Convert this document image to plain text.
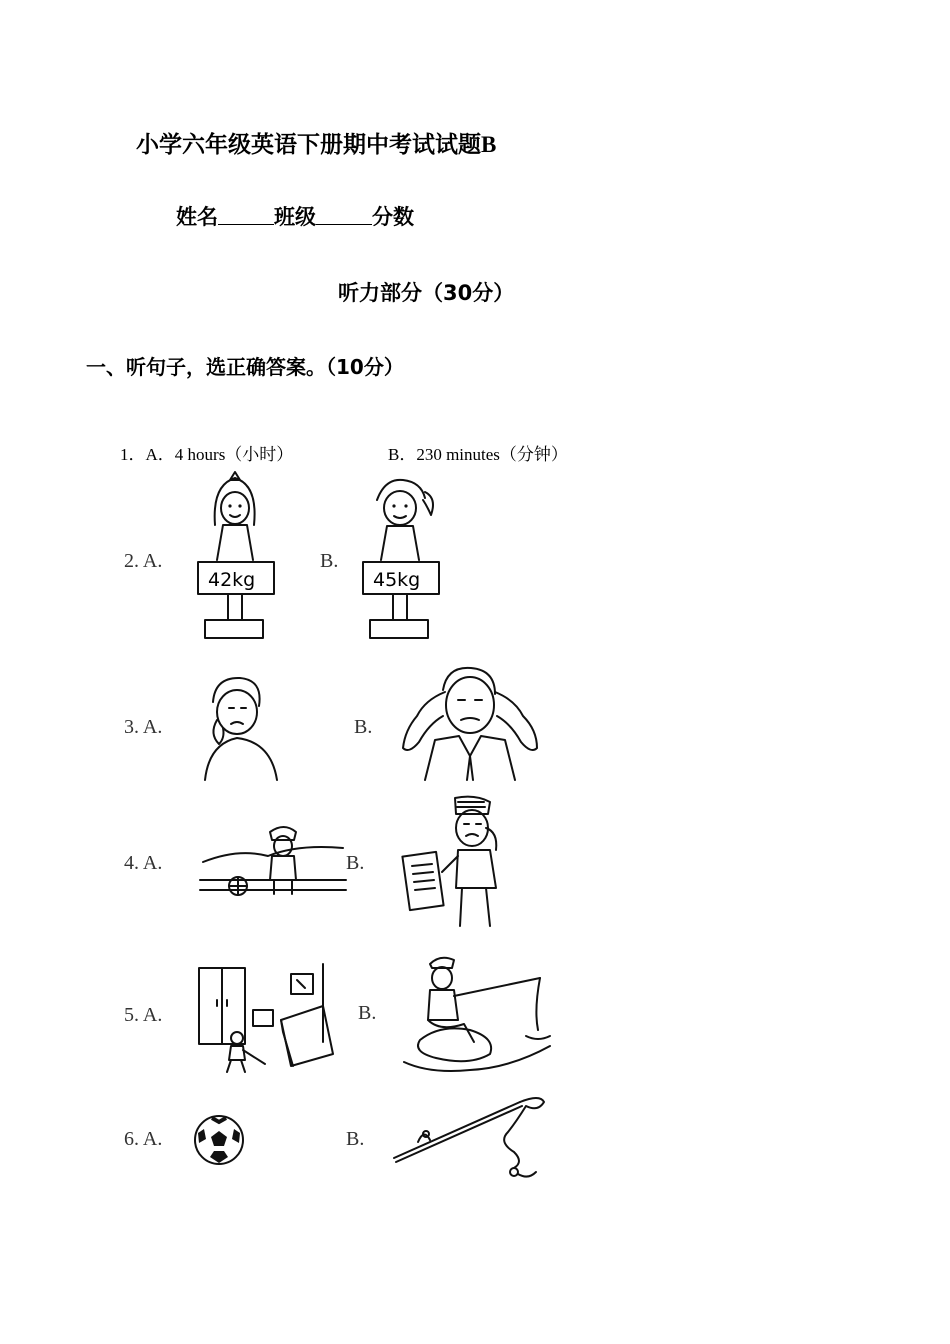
小学六年级英语下册期中考试试题B
姓名	班级	分数
听力部分（30分）
一、听句子，选正确答案。（10分）
1．A．4 hours（小时）	B．230 minutes（分钟）
2. A.	B.
42kg	45kg
3. A.	B.
4. A.	B.
5. A.	B.
6. A.	B.
